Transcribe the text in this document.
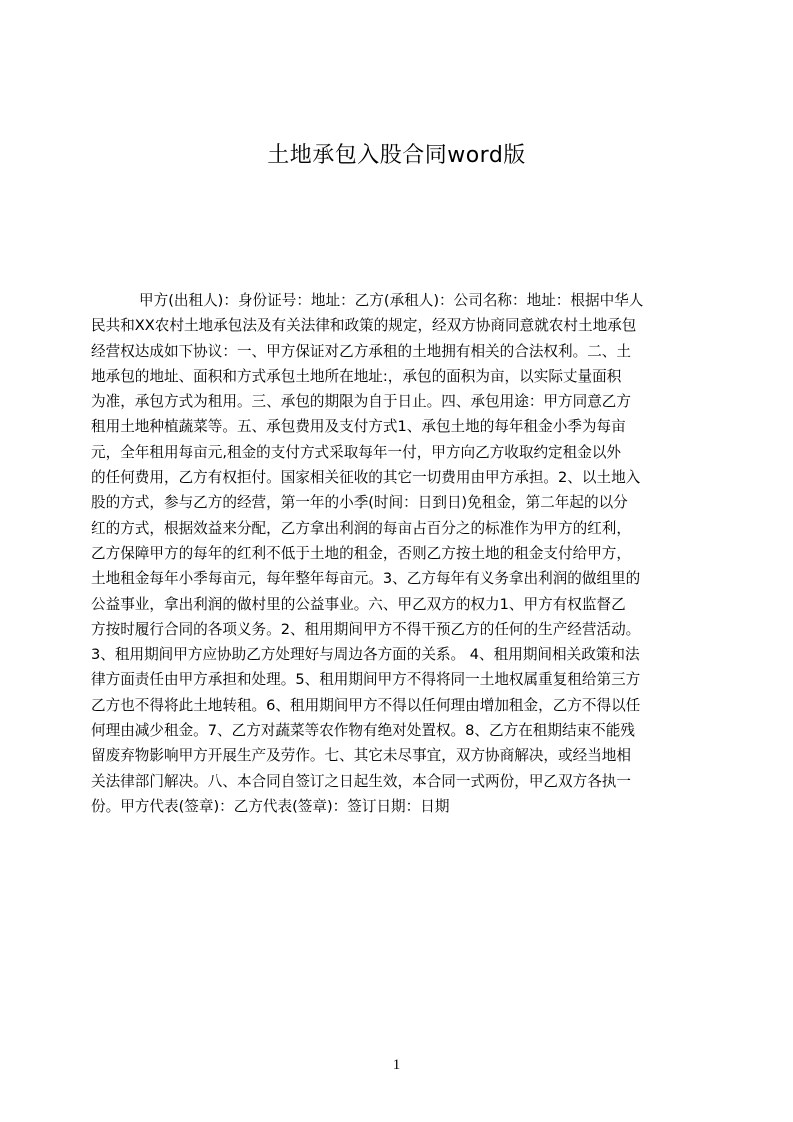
土地承包入股合同word版
甲方(出租人)：身份证号：地址：乙方(承租人)：公司名称：地址：根据中华人
民共和XX农村土地承包法及有关法律和政策的规定，经双方协商同意就农村土地承包
经营权达成如下协议：一、甲方保证对乙方承租的土地拥有相关的合法权利。二、土
地承包的地址、面积和方式承包土地所在地址:，承包的面积为亩，以实际丈量面积
为准，承包方式为租用。三、承包的期限为自于日止。四、承包用途：甲方同意乙方
租用土地种植蔬菜等。五、承包费用及支付方式1、承包土地的每年租金小季为每亩
元，全年租用每亩元,租金的支付方式采取每年一付，甲方向乙方收取约定租金以外
的任何费用，乙方有权拒付。国家相关征收的其它一切费用由甲方承担。2、以土地入
股的方式，参与乙方的经营，第一年的小季(时间：日到日)免租金，第二年起的以分
红的方式，根据效益来分配，乙方拿出利润的每亩占百分之的标准作为甲方的红利，
乙方保障甲方的每年的红利不低于土地的租金，否则乙方按土地的租金支付给甲方，
土地租金每年小季每亩元，每年整年每亩元。3、乙方每年有义务拿出利润的做组里的
公益事业，拿出利润的做村里的公益事业。六、甲乙双方的权力1、甲方有权监督乙
方按时履行合同的各项义务。2、租用期间甲方不得干预乙方的任何的生产经营活动。
3、租用期间甲方应协助乙方处理好与周边各方面的关系。 4、租用期间相关政策和法
律方面责任由甲方承担和处理。5、租用期间甲方不得将同一土地权属重复租给第三方
乙方也不得将此土地转租。6、租用期间甲方不得以任何理由增加租金，乙方不得以任
何理由减少租金。7、乙方对蔬菜等农作物有绝对处置权。8、乙方在租期结束不能残
留废弃物影响甲方开展生产及劳作。七、其它未尽事宜，双方协商解决，或经当地相
关法律部门解决。八、本合同自签订之日起生效，本合同一式两份，甲乙双方各执一
份。甲方代表(签章)：乙方代表(签章)：签订日期：日期
1
